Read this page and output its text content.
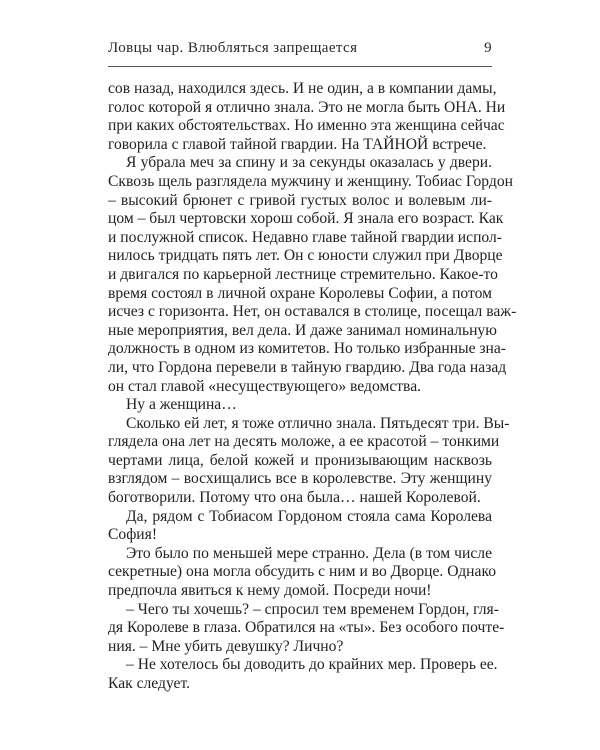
Ловцы чар. Влюбляться запрещается	9
сов назад, находился здесь. И не один, а в компании дамы,
голос которой я отлично знала. Это не могла быть ОНА. Ни
при каких обстоятельствах. Но именно эта женщина сейчас
говорила с главой тайной гвардии. На ТАЙНОЙ встрече.
Я убрала меч за спину и за секунды оказалась у двери.
Сквозь щель разглядела мужчину и женщину. Тобиас Гордон
– высокий брюнет с гривой густых волос и волевым ли-
цом – был чертовски хорош собой. Я знала его возраст. Как
и послужной список. Недавно главе тайной гвардии испол-
нилось тридцать пять лет. Он с юности служил при Дворце
и двигался по карьерной лестнице стремительно. Какое-то
время состоял в личной охране Королевы Софии, а потом
исчез с горизонта. Нет, он оставался в столице, посещал важ-
ные мероприятия, вел дела. И даже занимал номинальную
должность в одном из комитетов. Но только избранные зна-
ли, что Гордона перевели в тайную гвардию. Два года назад
он стал главой «несуществующего» ведомства.
Ну а женщина…
Сколько ей лет, я тоже отлично знала. Пятьдесят три. Вы-
глядела она лет на десять моложе, а ее красотой – тонкими
чертами лица, белой кожей и пронизывающим насквозь
взглядом – восхищались все в королевстве. Эту женщину
боготворили. Потому что она была… нашей Королевой.
Да, рядом с Тобиасом Гордоном стояла сама Королева
София!
Это было по меньшей мере странно. Дела (в том числе
секретные) она могла обсудить с ним и во Дворце. Однако
предпочла явиться к нему домой. Посреди ночи!
– Чего ты хочешь? – спросил тем временем Гордон, гля-
дя Королеве в глаза. Обратился на «ты». Без особого почте-
ния. – Мне убить девушку? Лично?
– Не хотелось бы доводить до крайних мер. Проверь ее.
Как следует.
